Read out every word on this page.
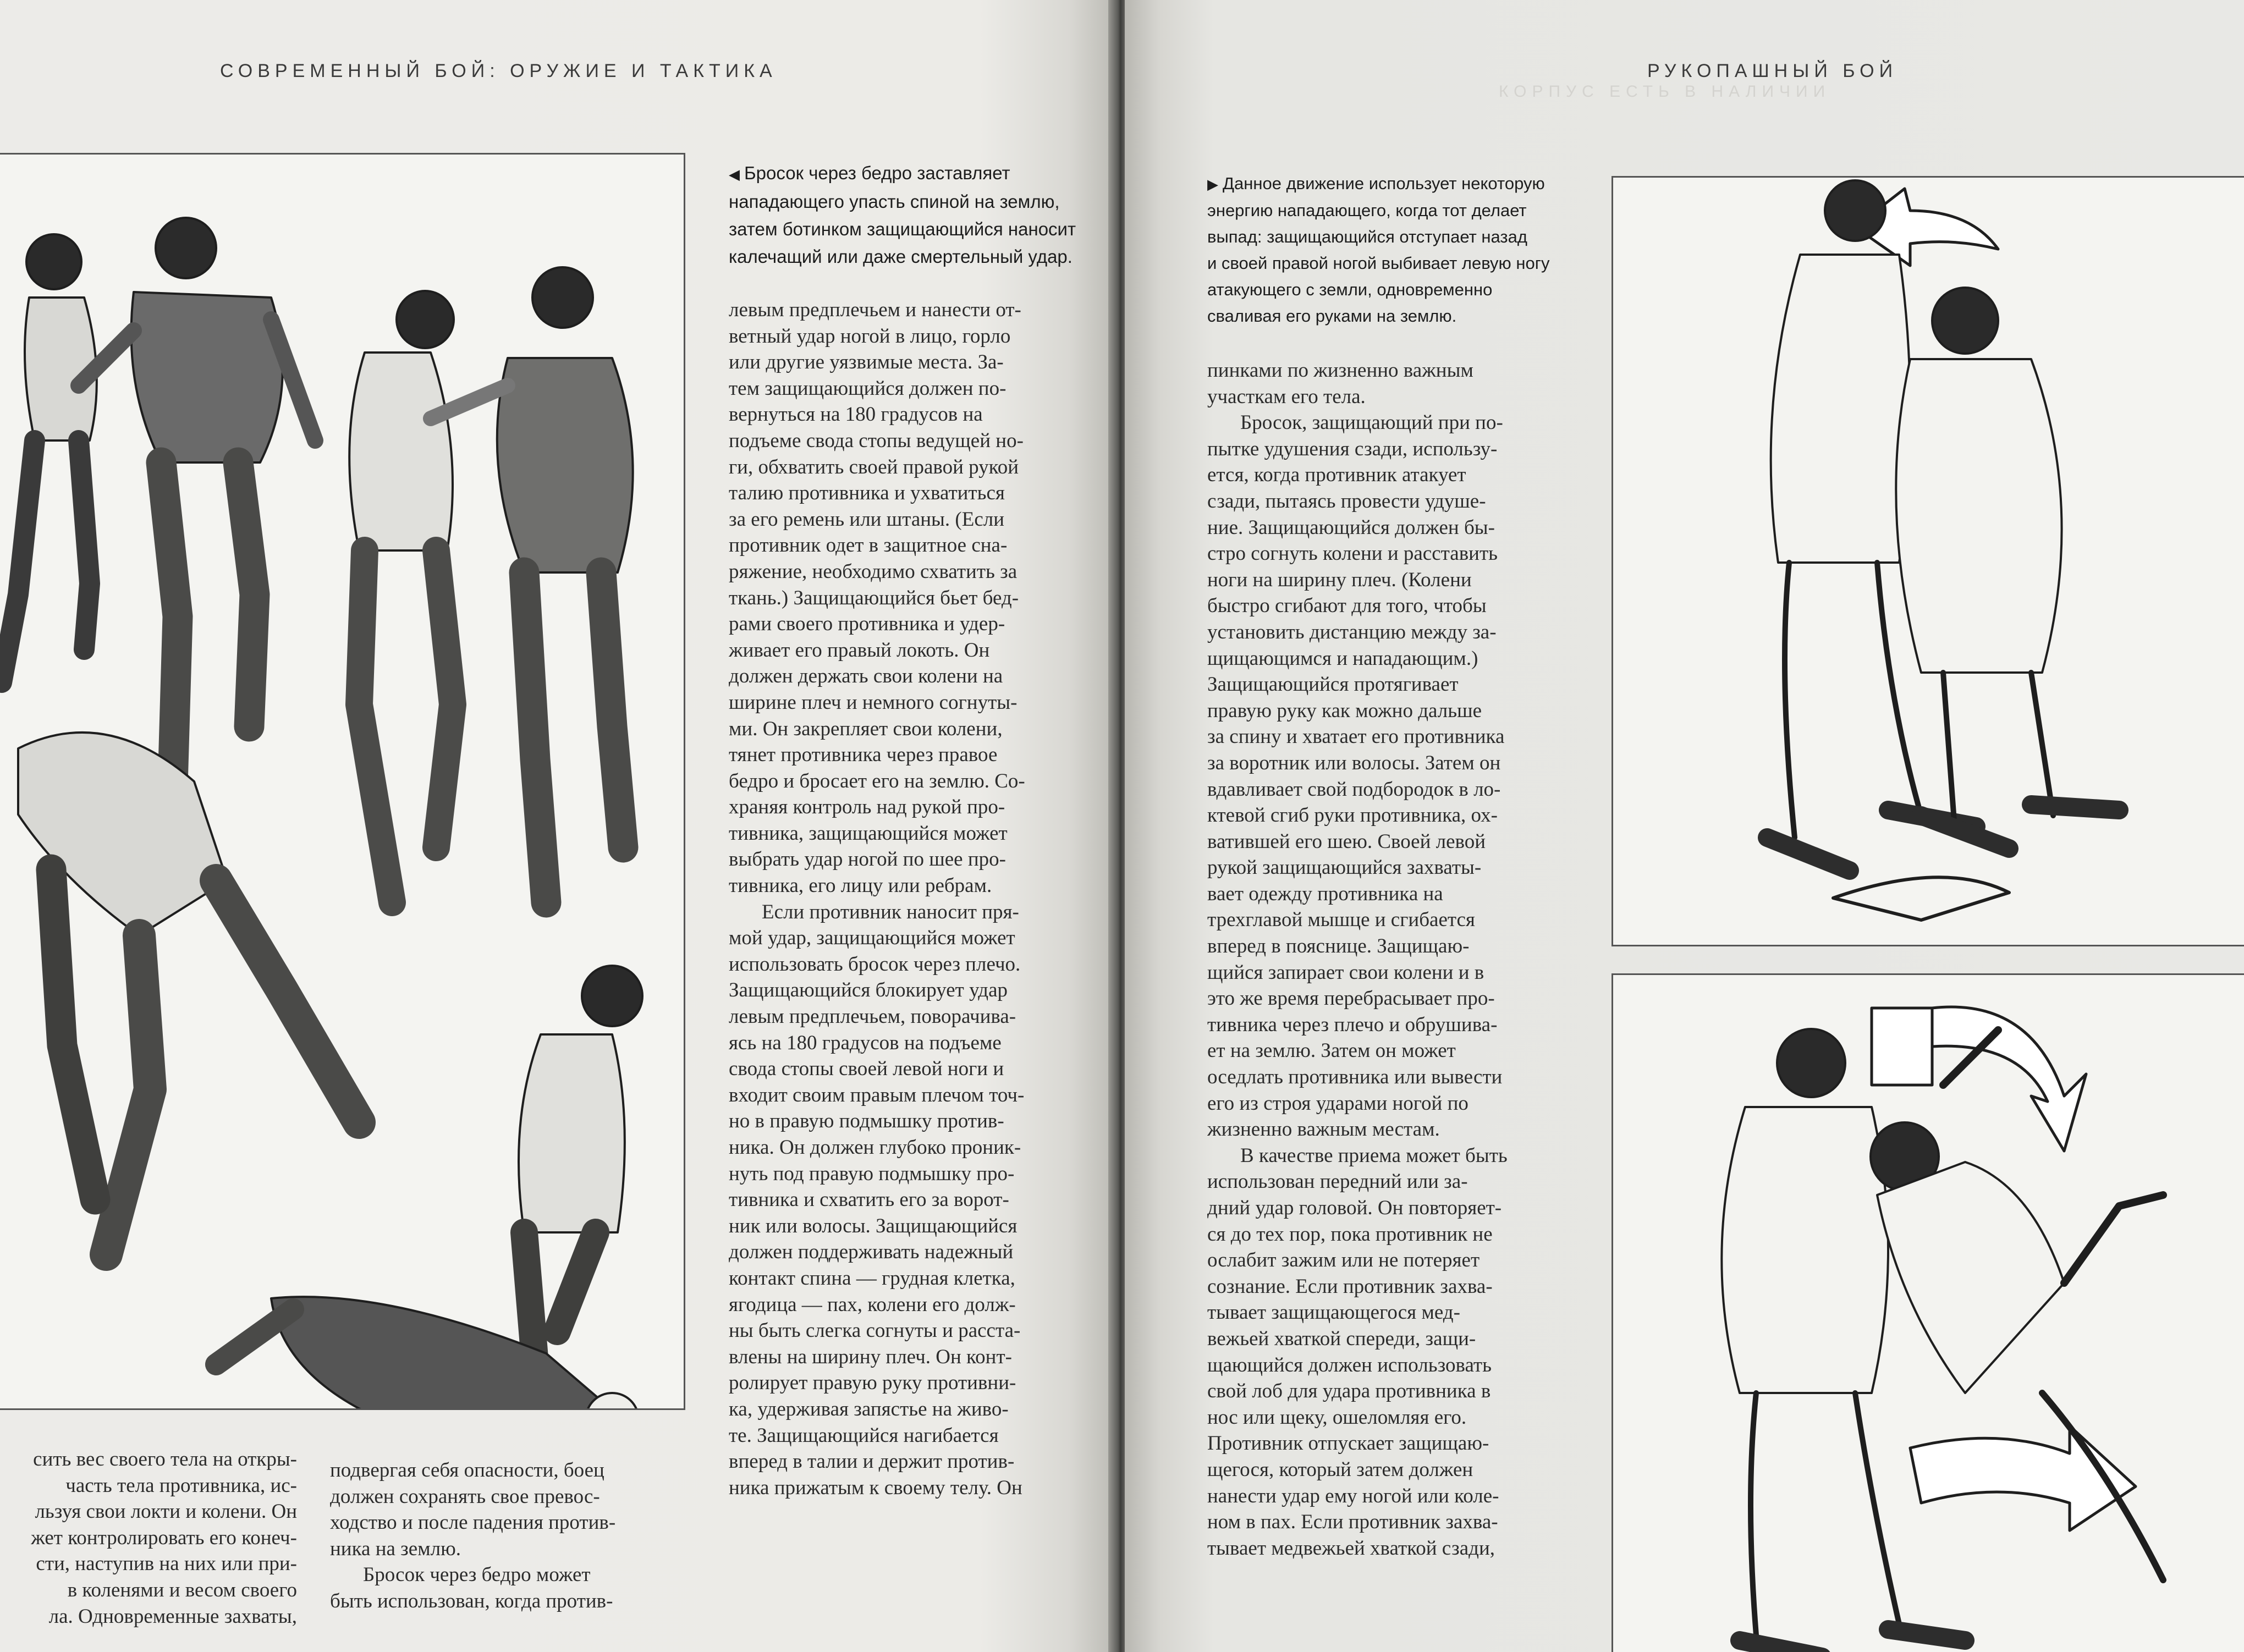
СОВРЕМЕННЫЙ БОЙ: ОРУЖИЕ И ТАКТИКА

◀ Бросок через бедро заставляет

нападающего упасть спиной на землю,

затем ботинком защищающийся наносит

калечащий или даже смертельный удар.

левым предплечьем и нанести от-
ветный удар ногой в лицо, горло
или другие уязвимые места. За-
тем защищающийся должен по-
вернуться на 180 градусов на
подъеме свода стопы ведущей но-
ги, обхватить своей правой рукой
талию противника и ухватиться
за его ремень или штаны. (Если
противник одет в защитное сна-
ряжение, необходимо схватить за
ткань.) Защищающийся бьет бед-
рами своего противника и удер-
живает его правый локоть. Он
должен держать свои колени на
ширине плеч и немного согнуты-
ми. Он закрепляет свои колени,
тянет противника через правое
бедро и бросает его на землю. Со-
храняя контроль над рукой про-
тивника, защищающийся может
выбрать удар ногой по шее про-
тивника, его лицу или ребрам.
Если противник наносит пря-
мой удар, защищающийся может
использовать бросок через плечо.
Защищающийся блокирует удар
левым предплечьем, поворачива-
ясь на 180 градусов на подъеме
свода стопы своей левой ноги и
входит своим правым плечом точ-
но в правую подмышку против-
ника. Он должен глубоко проник-
нуть под правую подмышку про-
тивника и схватить его за ворот-
ник или волосы. Защищающийся
должен поддерживать надежный
контакт спина — грудная клетка,
ягодица — пах, колени его долж-
ны быть слегка согнуты и расста-
влены на ширину плеч. Он конт-
ролирует правую руку противни-
ка, удерживая запястье на живо-
те. Защищающийся нагибается
вперед в талии и держит против-
ника прижатым к своему телу. Он
сить вес своего тела на откры-
часть тела противника, ис-
льзуя свои локти и колени. Он
жет контролировать его конеч-
сти, наступив на них или при-
в коленями и весом своего
ла. Одновременные захваты,
подвергая себя опасности, боец
должен сохранять свое превос-
ходство и после падения против-
ника на землю.
Бросок через бедро может
быть использован, когда против-
КОРПУС ЕСТЬ В НАЛИЧИИ
РУКОПАШНЫЙ БОЙ

▶ Данное движение использует некоторую

энергию нападающего, когда тот делает

выпад: защищающийся отступает назад

и своей правой ногой выбивает левую ногу

атакующего с земли, одновременно

сваливая его руками на землю.

пинками по жизненно важным
участкам его тела.
Бросок, защищающий при по-
пытке удушения сзади, использу-
ется, когда противник атакует
сзади, пытаясь провести удуше-
ние. Защищающийся должен бы-
стро согнуть колени и расставить
ноги на ширину плеч. (Колени
быстро сгибают для того, чтобы
установить дистанцию между за-
щищающимся и нападающим.)
Защищающийся протягивает
правую руку как можно дальше
за спину и хватает его противника
за воротник или волосы. Затем он
вдавливает свой подбородок в ло-
ктевой сгиб руки противника, ох-
ватившей его шею. Своей левой
рукой защищающийся захваты-
вает одежду противника на
трехглавой мышце и сгибается
вперед в пояснице. Защищаю-
щийся запирает свои колени и в
это же время перебрасывает про-
тивника через плечо и обрушива-
ет на землю. Затем он может
оседлать противника или вывести
его из строя ударами ногой по
жизненно важным местам.
В качестве приема может быть
использован передний или за-
дний удар головой. Он повторяет-
ся до тех пор, пока противник не
ослабит зажим или не потеряет
сознание. Если противник захва-
тывает защищающегося мед-
вежьей хваткой спереди, защи-
щающийся должен использовать
свой лоб для удара противника в
нос или щеку, ошеломляя его.
Противник отпускает защищаю-
щегося, который затем должен
нанести удар ему ногой или коле-
ном в пах. Если противник захва-
тывает медвежьей хваткой сзади,
